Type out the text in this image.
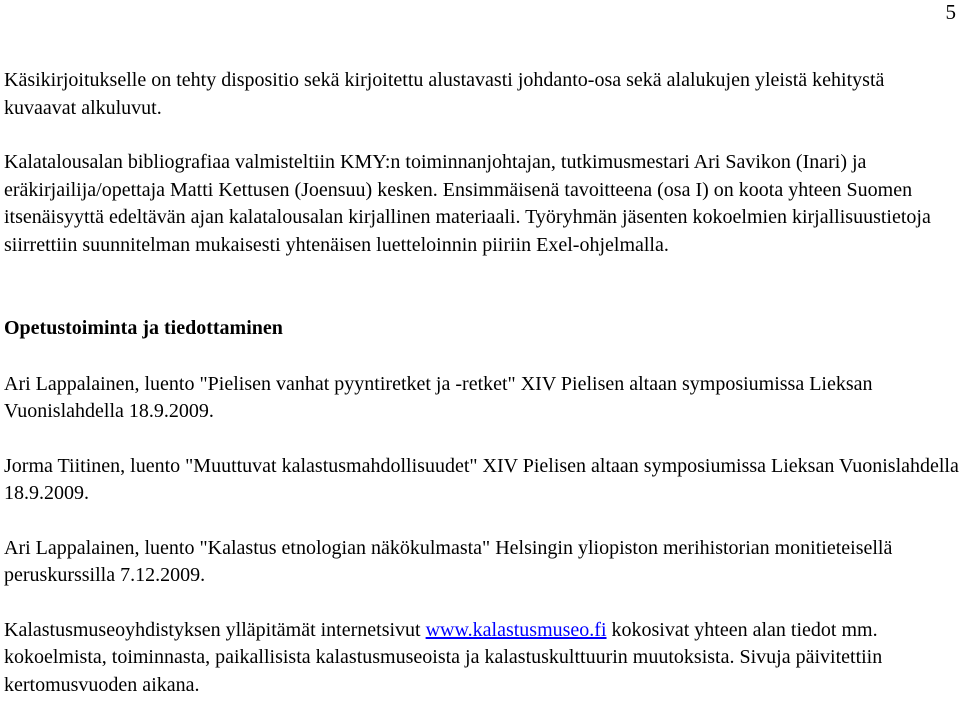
5

Käsikirjoitukselle on tehty dispositio sekä kirjoitettu alustavasti johdanto-osa sekä alalukujen yleistä kehitystä kuvaavat alkuluvut.

Kalatalousalan bibliografiaa valmisteltiin KMY:n toiminnanjohtajan, tutkimusmestari Ari Savikon (Inari) ja eräkirjailija/opettaja Matti Kettusen (Joensuu) kesken. Ensimmäisenä tavoitteena (osa I) on koota yhteen Suomen itsenäisyyttä edeltävän ajan kalatalousalan kirjallinen materiaali. Työryhmän jäsenten kokoelmien kirjallisuustietoja siirrettiin suunnitelman mukaisesti yhtenäisen luetteloinnin piiriin Exel-ohjelmalla.

Opetustoiminta ja tiedottaminen

Ari Lappalainen, luento "Pielisen vanhat pyyntiretket ja -retket" XIV Pielisen altaan symposiumissa Lieksan Vuonislahdella 18.9.2009.

Jorma Tiitinen, luento "Muuttuvat kalastusmahdollisuudet" XIV Pielisen altaan symposiumissa Lieksan Vuonislahdella 18.9.2009.

Ari Lappalainen, luento "Kalastus etnologian näkökulmasta" Helsingin yliopiston merihistorian monitieteisellä peruskurssilla 7.12.2009.

Kalastusmuseoyhdistyksen ylläpitämät internetsivut www.kalastusmuseo.fi kokosivat yhteen alan tiedot mm. kokoelmista, toiminnasta, paikallisista kalastusmuseoista ja kalastuskulttuurin muutoksista. Sivuja päivitettiin kertomusvuoden aikana.
